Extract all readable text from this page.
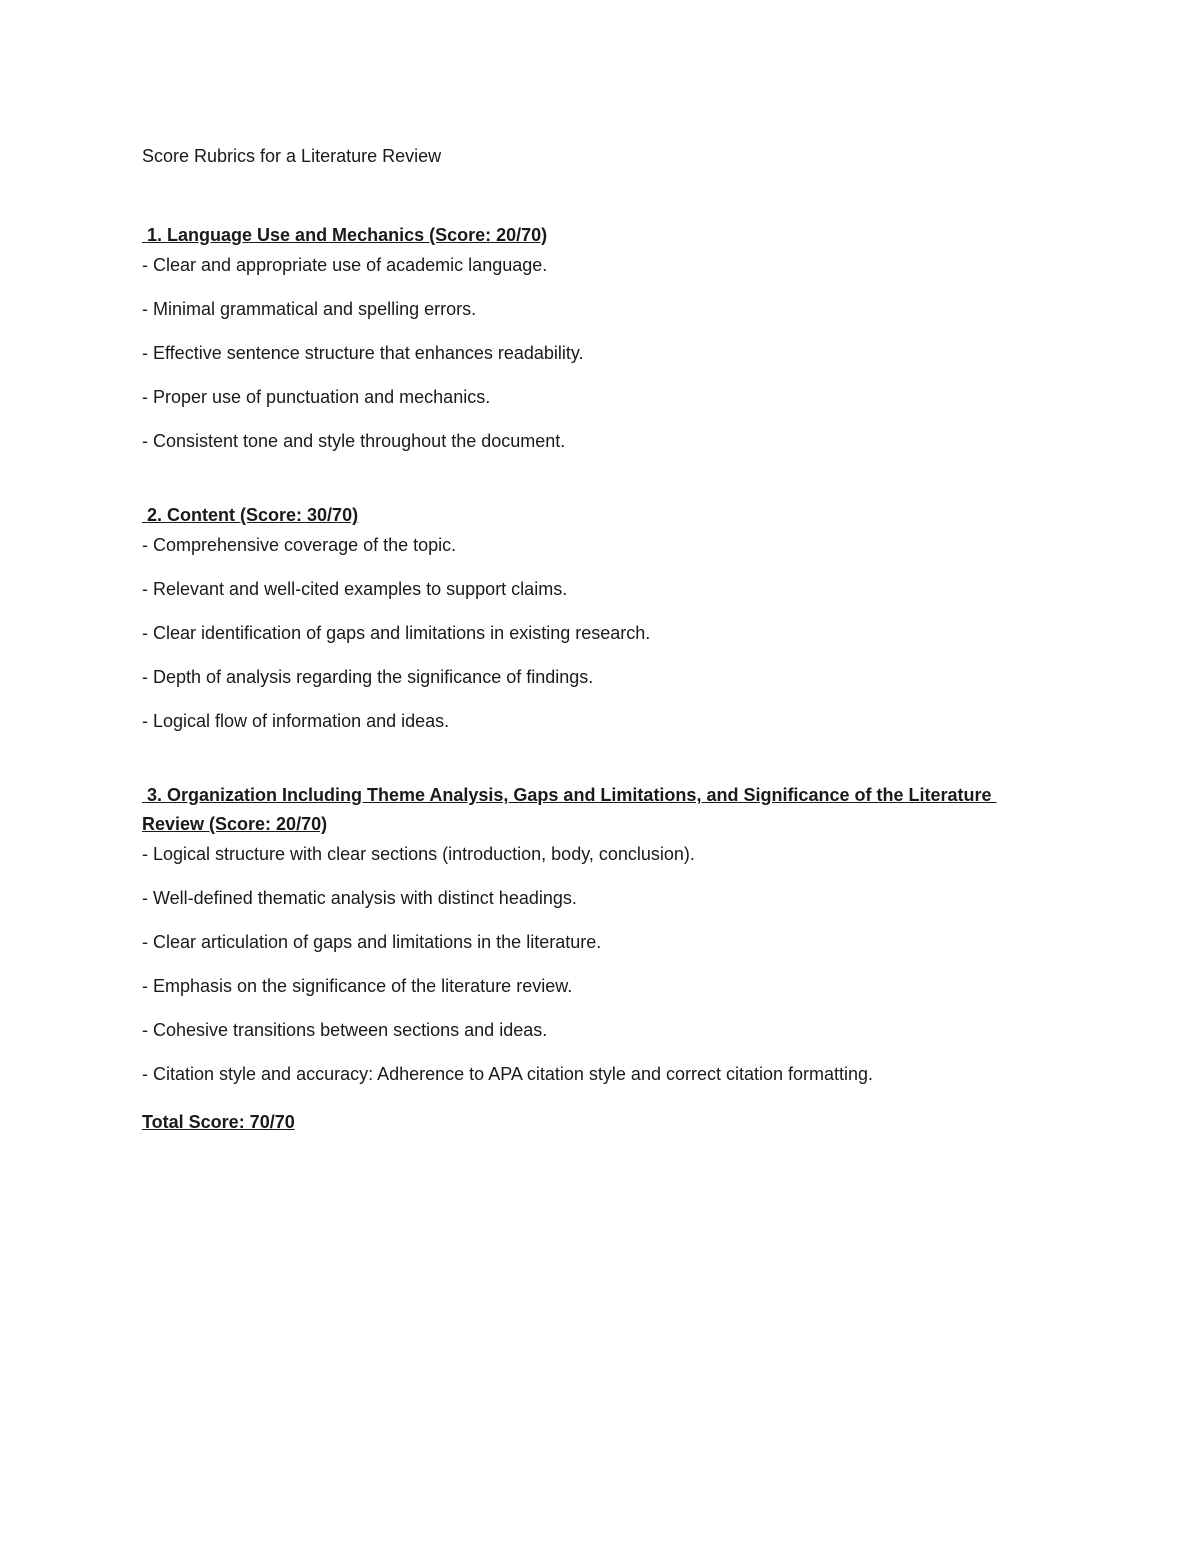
Score Rubrics for a Literature Review
1. Language Use and Mechanics (Score: 20/70)
- Clear and appropriate use of academic language.
- Minimal grammatical and spelling errors.
- Effective sentence structure that enhances readability.
- Proper use of punctuation and mechanics.
- Consistent tone and style throughout the document.
2. Content (Score: 30/70)
- Comprehensive coverage of the topic.
- Relevant and well-cited examples to support claims.
- Clear identification of gaps and limitations in existing research.
- Depth of analysis regarding the significance of findings.
- Logical flow of information and ideas.
3. Organization Including Theme Analysis, Gaps and Limitations, and Significance of the Literature Review (Score: 20/70)
- Logical structure with clear sections (introduction, body, conclusion).
- Well-defined thematic analysis with distinct headings.
- Clear articulation of gaps and limitations in the literature.
- Emphasis on the significance of the literature review.
- Cohesive transitions between sections and ideas.
- Citation style and accuracy: Adherence to APA citation style and correct citation formatting.
Total Score: 70/70
